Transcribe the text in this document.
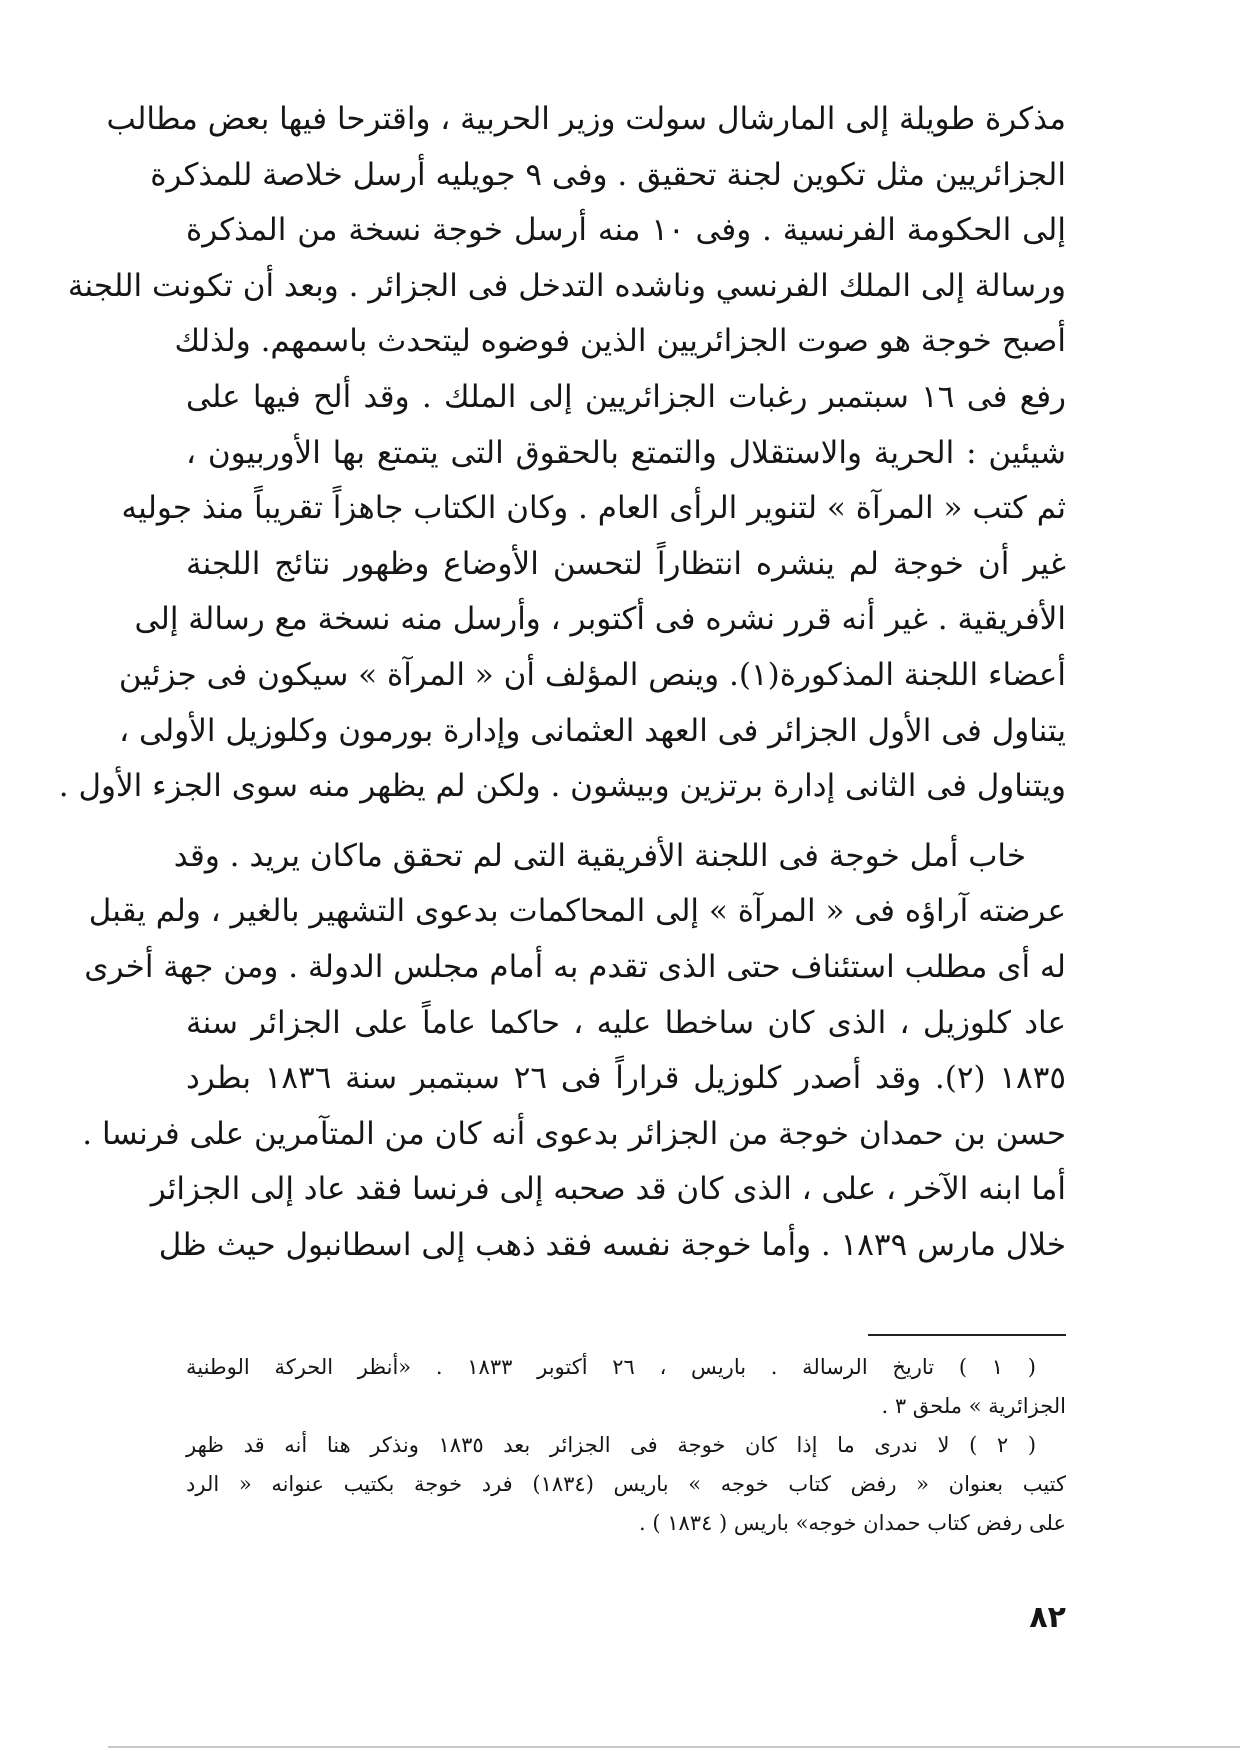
مذكرة طويلة إلى المارشال سولت وزير الحربية ، واقترحا فيها بعض مطالب
الجزائريين مثل تكوين لجنة تحقيق . وفى ٩ جويليه أرسل خلاصة للمذكرة
إلى الحكومة الفرنسية . وفى ١٠ منه أرسل خوجة نسخة من المذكرة
ورسالة إلى الملك الفرنسي وناشده التدخل فى الجزائر . وبعد أن تكونت اللجنة
أصبح خوجة هو صوت الجزائريين الذين فوضوه ليتحدث باسمهم. ولذلك
رفع فى ١٦ سبتمبر رغبات الجزائريين إلى الملك . وقد ألح فيها على
شيئين : الحرية والاستقلال والتمتع بالحقوق التى يتمتع بها الأوربيون ،
ثم كتب « المرآة » لتنوير الرأى العام . وكان الكتاب جاهزاً تقريباً منذ جوليه
غير أن خوجة لم ينشره انتظاراً لتحسن الأوضاع وظهور نتائج اللجنة
الأفريقية . غير أنه قرر نشره فى أكتوبر ، وأرسل منه نسخة مع رسالة إلى
أعضاء اللجنة المذكورة(١). وينص المؤلف أن « المرآة » سيكون فى جزئين
يتناول فى الأول الجزائر فى العهد العثمانى وإدارة بورمون وكلوزيل الأولى ،
ويتناول فى الثانى إدارة برتزين وبيشون . ولكن لم يظهر منه سوى الجزء الأول .
خاب أمل خوجة فى اللجنة الأفريقية التى لم تحقق ماكان يريد . وقد
عرضته آراؤه فى « المرآة » إلى المحاكمات بدعوى التشهير بالغير ، ولم يقبل
له أى مطلب استئناف حتى الذى تقدم به أمام مجلس الدولة . ومن جهة أخرى
عاد كلوزيل ، الذى كان ساخطا عليه ، حاكما عاماً على الجزائر سنة
١٨٣٥ (٢). وقد أصدر كلوزيل قراراً فى ٢٦ سبتمبر سنة ١٨٣٦ بطرد
حسن بن حمدان خوجة من الجزائر بدعوى أنه كان من المتآمرين على فرنسا .
أما ابنه الآخر ، على ، الذى كان قد صحبه إلى فرنسا فقد عاد إلى الجزائر
خلال مارس ١٨٣٩ . وأما خوجة نفسه فقد ذهب إلى اسطانبول حيث ظل
( ١ ) تاريخ الرسالة . باريس ، ٢٦ أكتوبر ١٨٣٣ . «أنظر الحركة الوطنية
الجزائرية » ملحق ٣ .
( ٢ ) لا ندرى ما إذا كان خوجة فى الجزائر بعد ١٨٣٥ ونذكر هنا أنه قد ظهر
كتيب بعنوان « رفض كتاب خوجه » باريس (١٨٣٤) فرد خوجة بكتيب عنوانه « الرد
على رفض كتاب حمدان خوجه» باريس ( ١٨٣٤ ) .
٨٢
